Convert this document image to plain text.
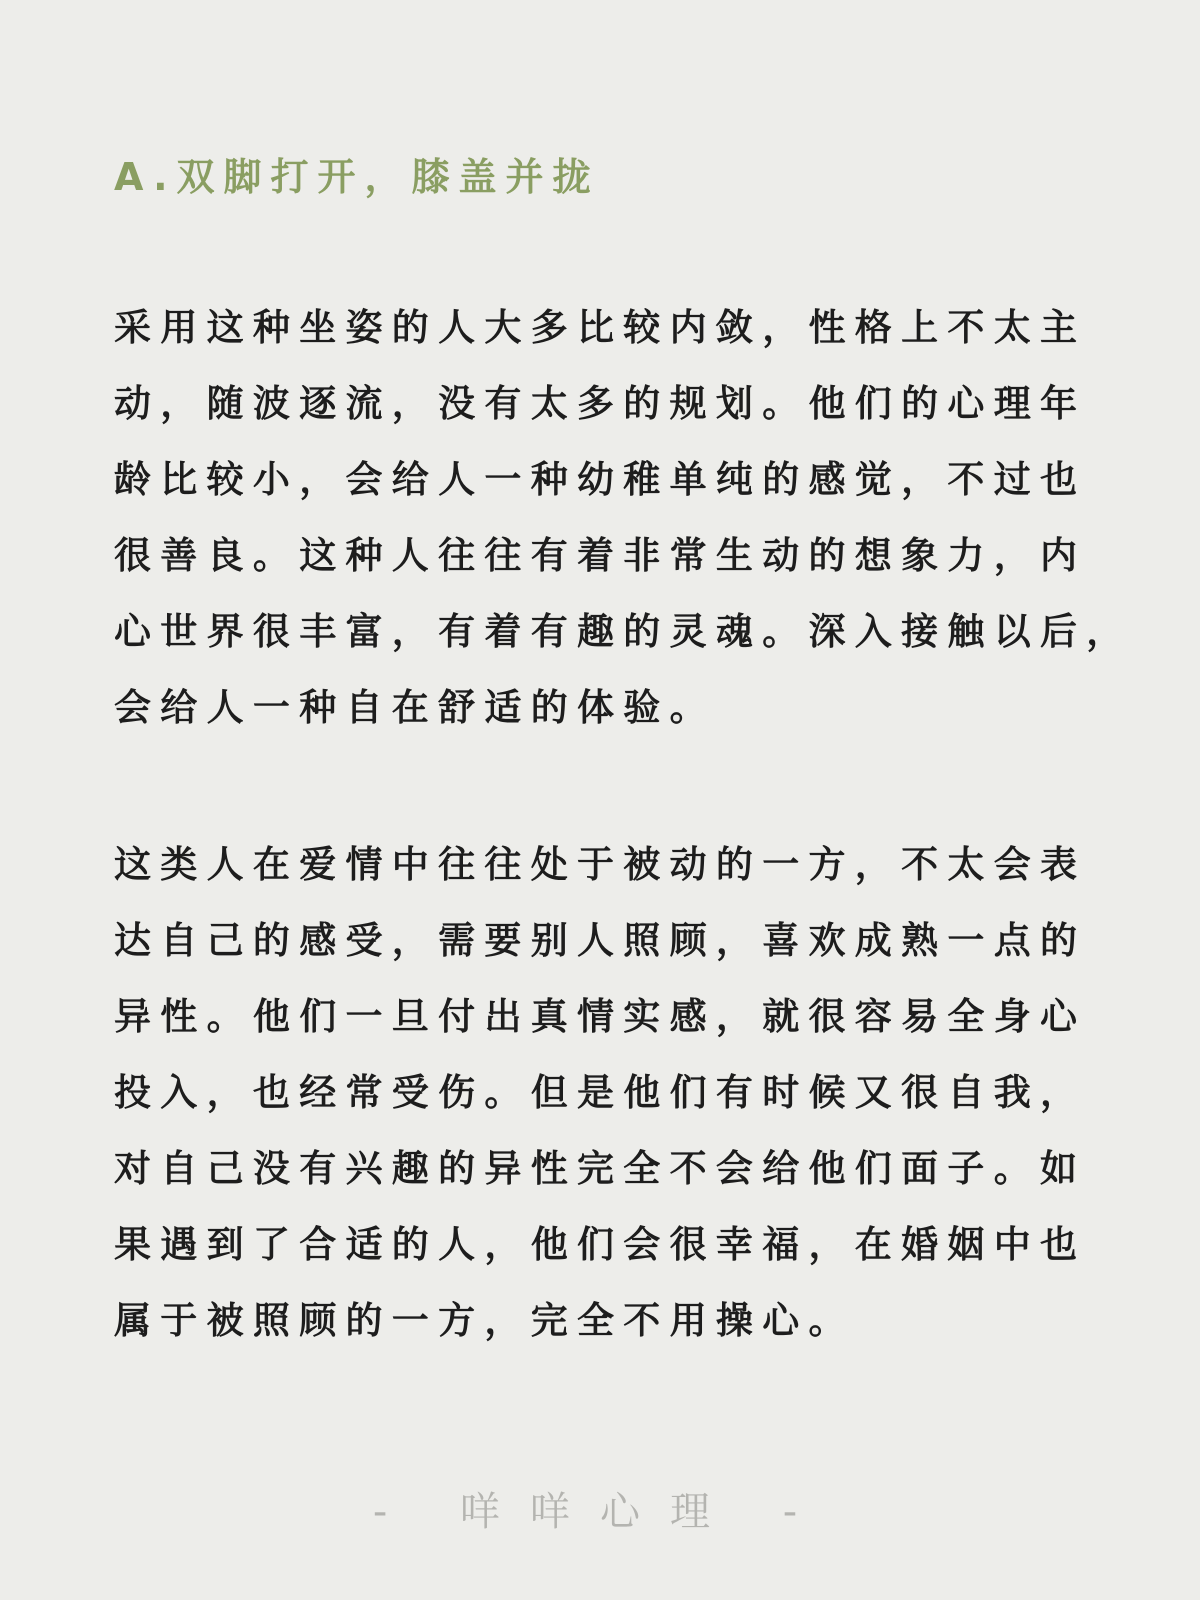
A.双脚打开，膝盖并拢
采用这种坐姿的人大多比较内敛，性格上不太主
动，随波逐流，没有太多的规划。他们的心理年
龄比较小，会给人一种幼稚单纯的感觉，不过也
很善良。这种人往往有着非常生动的想象力，内
心世界很丰富，有着有趣的灵魂。深入接触以后，
会给人一种自在舒适的体验。
这类人在爱情中往往处于被动的一方，不太会表
达自己的感受，需要别人照顾，喜欢成熟一点的
异性。他们一旦付出真情实感，就很容易全身心
投入，也经常受伤。但是他们有时候又很自我，
对自己没有兴趣的异性完全不会给他们面子。如
果遇到了合适的人，他们会很幸福，在婚姻中也
属于被照顾的一方，完全不用操心。
- 咩咩心理 -
